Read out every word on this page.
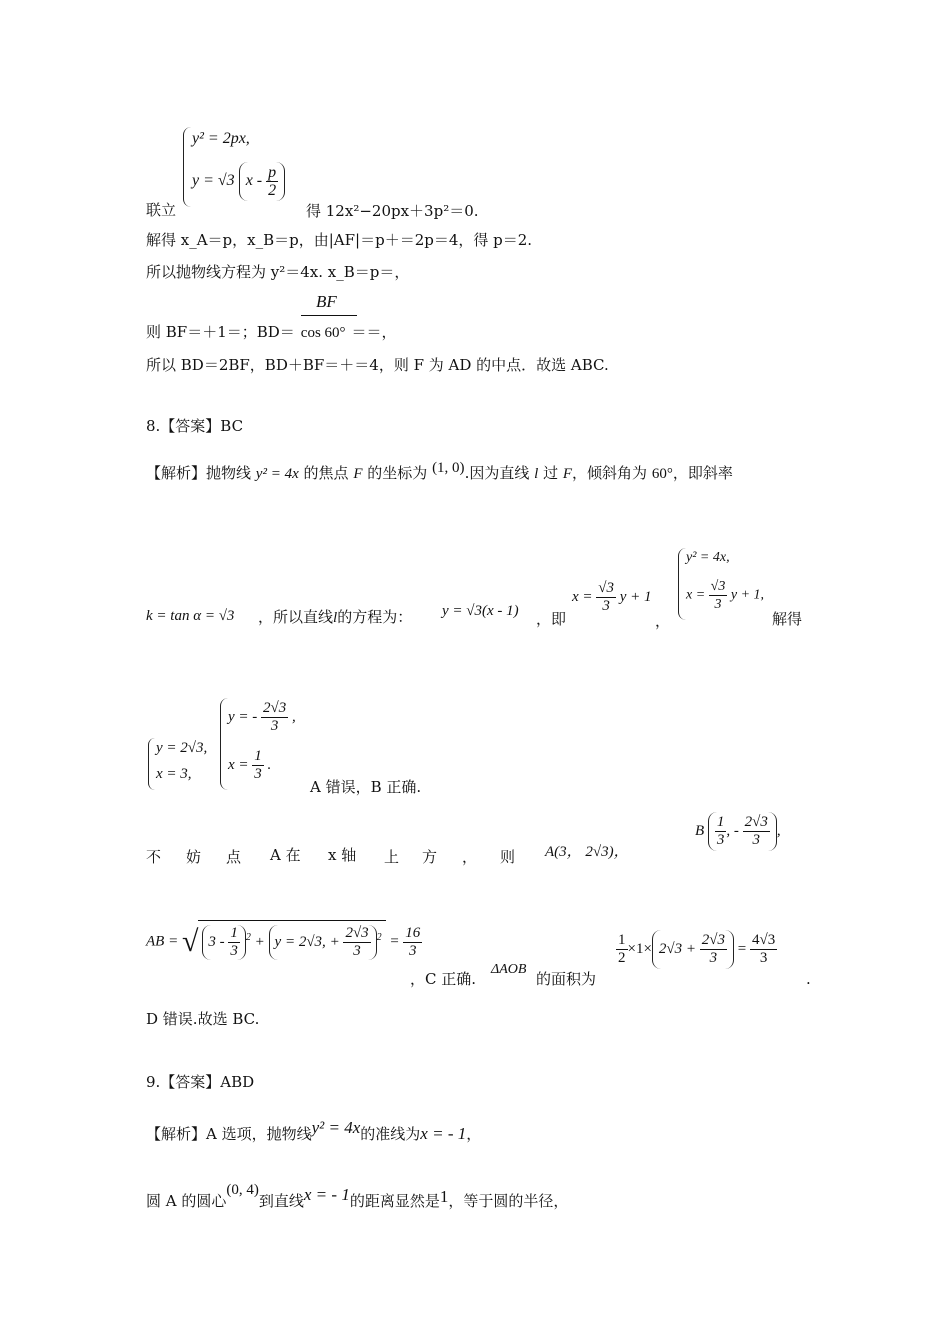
y² = 2px,
y = √3 x - $\frac{p}{2}$
联立	得 12x²−20px＋3p²＝0.
解得 x_A＝p，x_B＝p，由|AF|＝p＋＝2p＝4，得 p＝2.
所以抛物线方程为 y²＝4x. x_B＝p＝，
BF
则 BF＝＋1＝；BD＝ cos 60° ＝＝，
所以 BD＝2BF，BD＋BF＝＋＝4，则 F 为 AD 的中点．故选 ABC.
8.【答案】BC
【解析】抛物线 y² = 4x 的焦点 F 的坐标为 (1, 0).因为直线 l 过 F，倾斜角为 60°，即斜率
k = tan α = √3 ，所以直线l的方程为： y = √3(x - 1) ，即
$x = \frac{√3}{3}$ y + 1
，
y² = 4x,
$x = \frac{√3}{3}$ y + 1,
解得
y = 2√3,
x = 3,
y = - $\frac{2√3}{3}$ ,
$x = \frac{1}{3}$ .
A 错误，B 正确.
不 妨 点 A 在 x 轴 上 方 ， 则 A(3， 2√3)，
B $\frac{1}{3}$ , - $\frac{2√3}{3}$ ,
AB = √ $3 - \frac{1}{3} ^2 + y = 2√3$, + $\frac{2√3}{3} ^2 = \frac{16}{3}$
，C 正确.
ΔAOB
的面积为
$\frac{1}{2} \times 1\times 2√3 + \frac{2√3}{3} = \frac{4√3}{3}$
.
D 错误.故选 BC.
9.【答案】ABD
【解析】A 选项，抛物线y² = 4x的准线为x = - 1，
圆 A 的圆心(0, 4)到直线x = - 1的距离显然是1，等于圆的半径，
